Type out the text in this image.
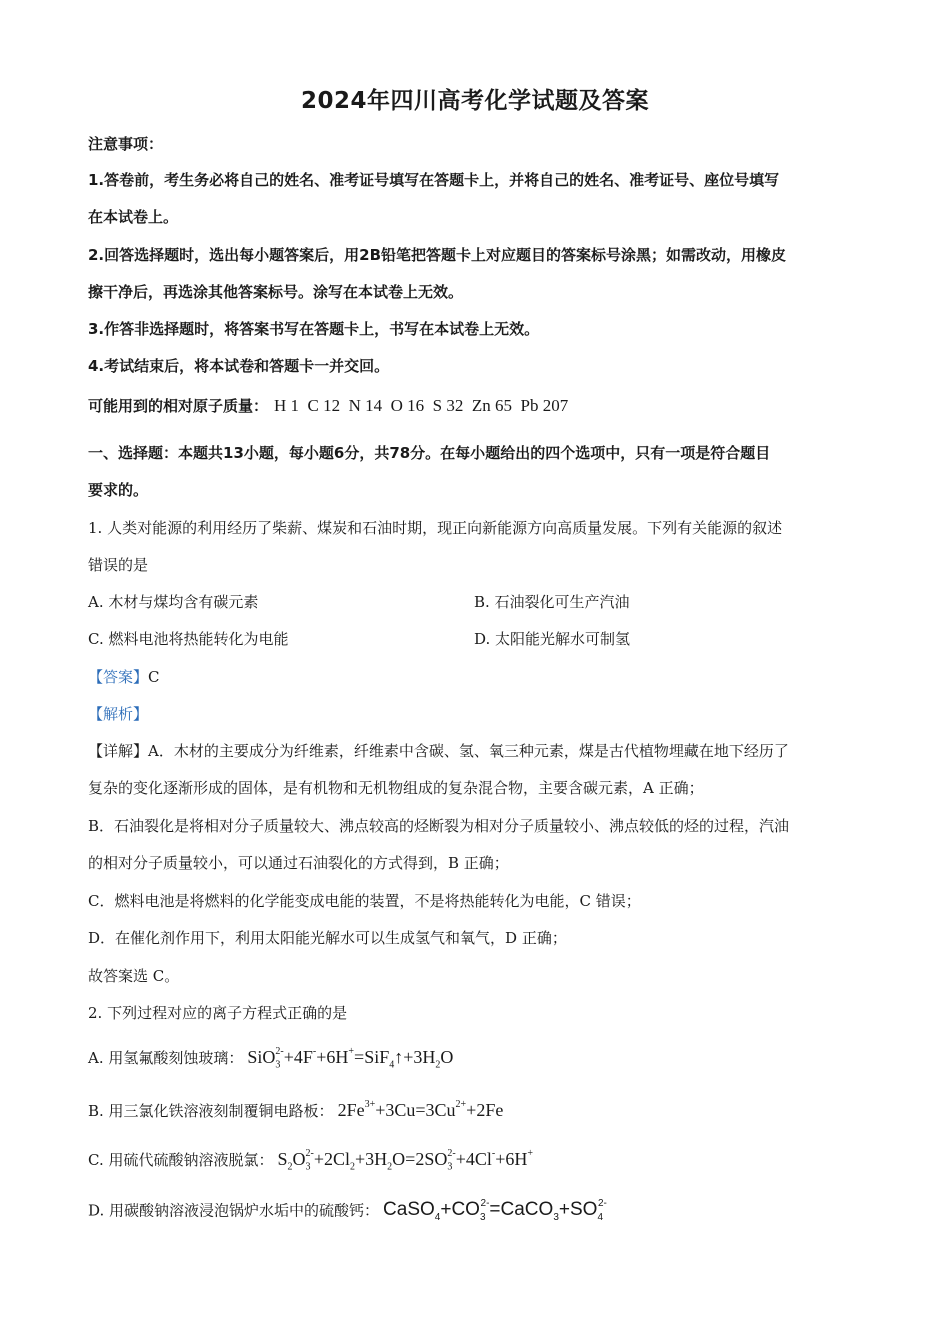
2024年四川高考化学试题及答案
注意事项：
1.答卷前，考生务必将自己的姓名、准考证号填写在答题卡上，并将自己的姓名、准考证号、座位号填写
在本试卷上。
2.回答选择题时，选出每小题答案后，用2B铅笔把答题卡上对应题目的答案标号涂黑；如需改动，用橡皮
擦干净后，再选涂其他答案标号。涂写在本试卷上无效。
3.作答非选择题时，将答案书写在答题卡上，书写在本试卷上无效。
4.考试结束后，将本试卷和答题卡一并交回。
可能用到的相对原子质量： H 1  C 12  N 14  O 16  S 32  Zn 65  Pb 207
一、选择题：本题共13小题，每小题6分，共78分。在每小题给出的四个选项中，只有一项是符合题目
要求的。
1. 人类对能源的利用经历了柴薪、煤炭和石油时期，现正向新能源方向高质量发展。下列有关能源的叙述
错误的是
A. 木材与煤均含有碳元素	B. 石油裂化可生产汽油
C. 燃料电池将热能转化为电能	D. 太阳能光解水可制氢
【答案】C
【解析】
【详解】A．木材的主要成分为纤维素，纤维素中含碳、氢、氧三种元素，煤是古代植物埋藏在地下经历了
复杂的变化逐渐形成的固体，是有机物和无机物组成的复杂混合物，主要含碳元素，A 正确；
B．石油裂化是将相对分子质量较大、沸点较高的烃断裂为相对分子质量较小、沸点较低的烃的过程，汽油
的相对分子质量较小，可以通过石油裂化的方式得到，B 正确；
C．燃料电池是将燃料的化学能变成电能的装置，不是将热能转化为电能，C 错误；
D．在催化剂作用下，利用太阳能光解水可以生成氢气和氧气，D 正确；
故答案选 C。
2. 下列过程对应的离子方程式正确的是
A. 用氢氟酸刻蚀玻璃： $SiO_3^{2-}+4F^-+6H^+=SiF_4↑+3H_2O$
B. 用三氯化铁溶液刻制覆铜电路板： $2Fe^{3+}+3Cu=3Cu^{2+}+2Fe$
C. 用硫代硫酸钠溶液脱氯： $S_2O_3^{2-}+2Cl_2+3H_2O=2SO_3^{2-}+4Cl^-+6H^+$
D. 用碳酸钠溶液浸泡锅炉水垢中的硫酸钙： $CaSO_4+CO_3^{2-}=CaCO_3+SO_4^{2-}$
